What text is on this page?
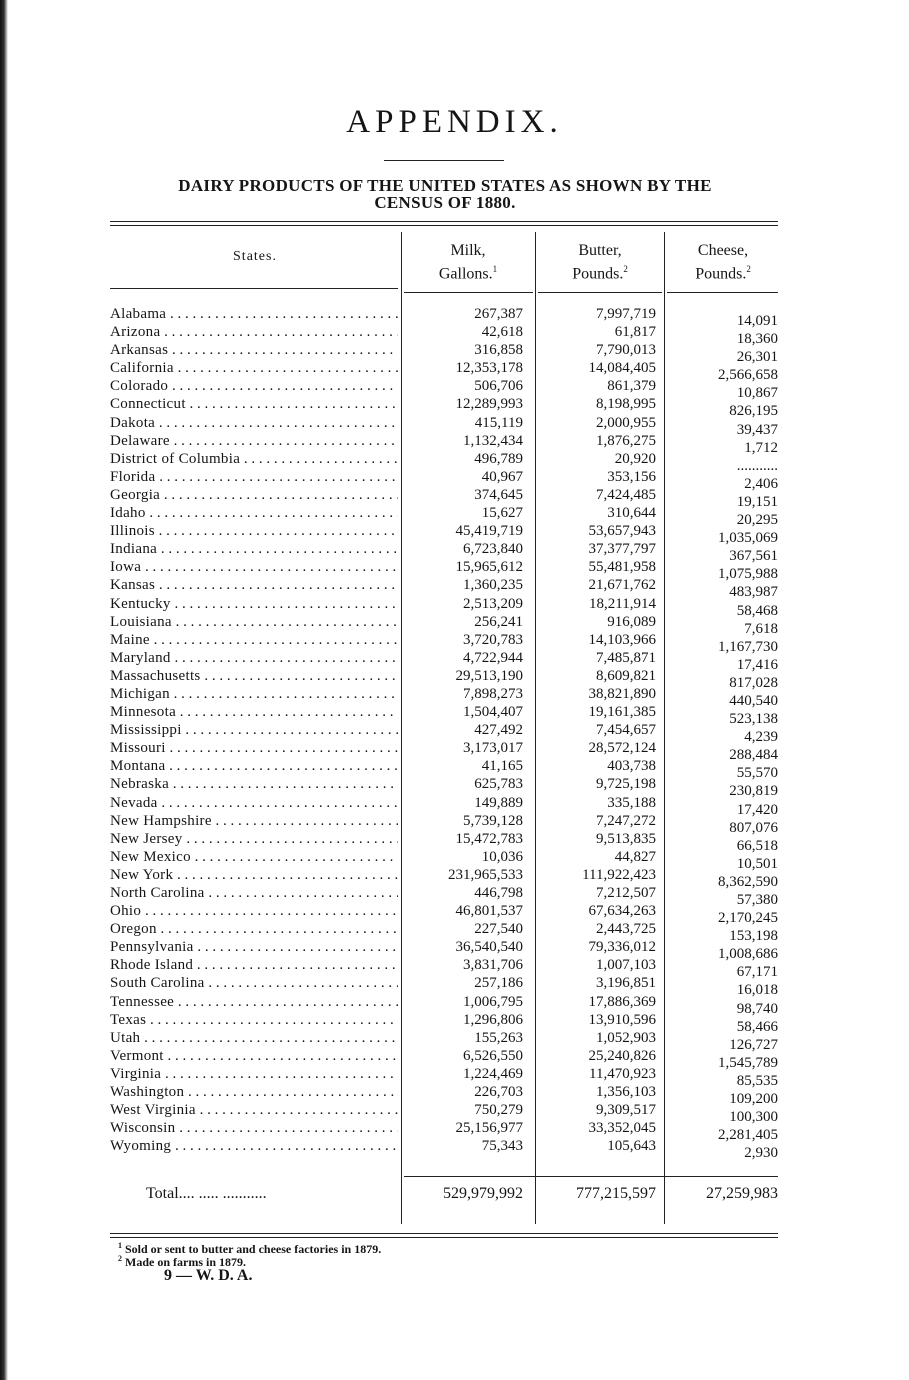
APPENDIX.
DAIRY PRODUCTS OF THE UNITED STATES AS SHOWN BY THE
CENSUS OF 1880.
States.	Milk,
Gallons.$^1$
Butter,
Pounds.$^2$
Cheese,
Pounds.$^2$
Alabama . . .	267,387	7,997,719	14,091
Arizona . . .	42,618	61,817	18,360
Arkansas . . .	316,858	7,790,013	26,301
California . . .	12,353,178	14,084,405	2,566,658
Colorado . . .	506,706	861,379	10,867
Connecticut . . .	12,289,993	8,198,995	826,195
Dakota . . .	415,119	2,000,955	39,437
Delaware . . .	1,132,434	1,876,275	1,712
District of Columbia . . .	496,789	20,920	...........
Florida . . .	40,967	353,156	2,406
Georgia . . .	374,645	7,424,485	19,151
Idaho . . .	15,627	310,644	20,295
Illinois . . .	45,419,719	53,657,943	1,035,069
Indiana . . .	6,723,840	37,377,797	367,561
Iowa . . .	15,965,612	55,481,958	1,075,988
Kansas . . .	1,360,235	21,671,762	483,987
Kentucky . . .	2,513,209	18,211,914	58,468
Louisiana . . .	256,241	916,089	7,618
Maine . . .	3,720,783	14,103,966	1,167,730
Maryland . . .	4,722,944	7,485,871	17,416
Massachusetts . . .	29,513,190	8,609,821	817,028
Michigan . . .	7,898,273	38,821,890	440,540
Minnesota . . .	1,504,407	19,161,385	523,138
Mississippi . . .	427,492	7,454,657	4,239
Missouri . . .	3,173,017	28,572,124	288,484
Montana . . .	41,165	403,738	55,570
Nebraska . . .	625,783	9,725,198	230,819
Nevada . . .	149,889	335,188	17,420
New Hampshire . . .	5,739,128	7,247,272	807,076
New Jersey . . .	15,472,783	9,513,835	66,518
New Mexico . . .	10,036	44,827	10,501
New York . . .	231,965,533	111,922,423	8,362,590
North Carolina . . .	446,798	7,212,507	57,380
Ohio . . .	46,801,537	67,634,263	2,170,245
Oregon . . .	227,540	2,443,725	153,198
Pennsylvania . . .	36,540,540	79,336,012	1,008,686
Rhode Island . . .	3,831,706	1,007,103	67,171
South Carolina . . .	257,186	3,196,851	16,018
Tennessee . . .	1,006,795	17,886,369	98,740
Texas . . .	1,296,806	13,910,596	58,466
Utah . . .	155,263	1,052,903	126,727
Vermont . . .	6,526,550	25,240,826	1,545,789
Virginia . . .	1,224,469	11,470,923	85,535
Washington . . .	226,703	1,356,103	109,200
West Virginia . . .	750,279	9,309,517	100,300
Wisconsin . . .	25,156,977	33,352,045	2,281,405
Wyoming . . .	75,343	105,643	2,930
Total.... ..... ...........	529,979,992	777,215,597	27,259,983
$^1$ Sold or sent to butter and cheese factories in 1879.
$^2$ Made on farms in 1879.
9 — W. D. A.
